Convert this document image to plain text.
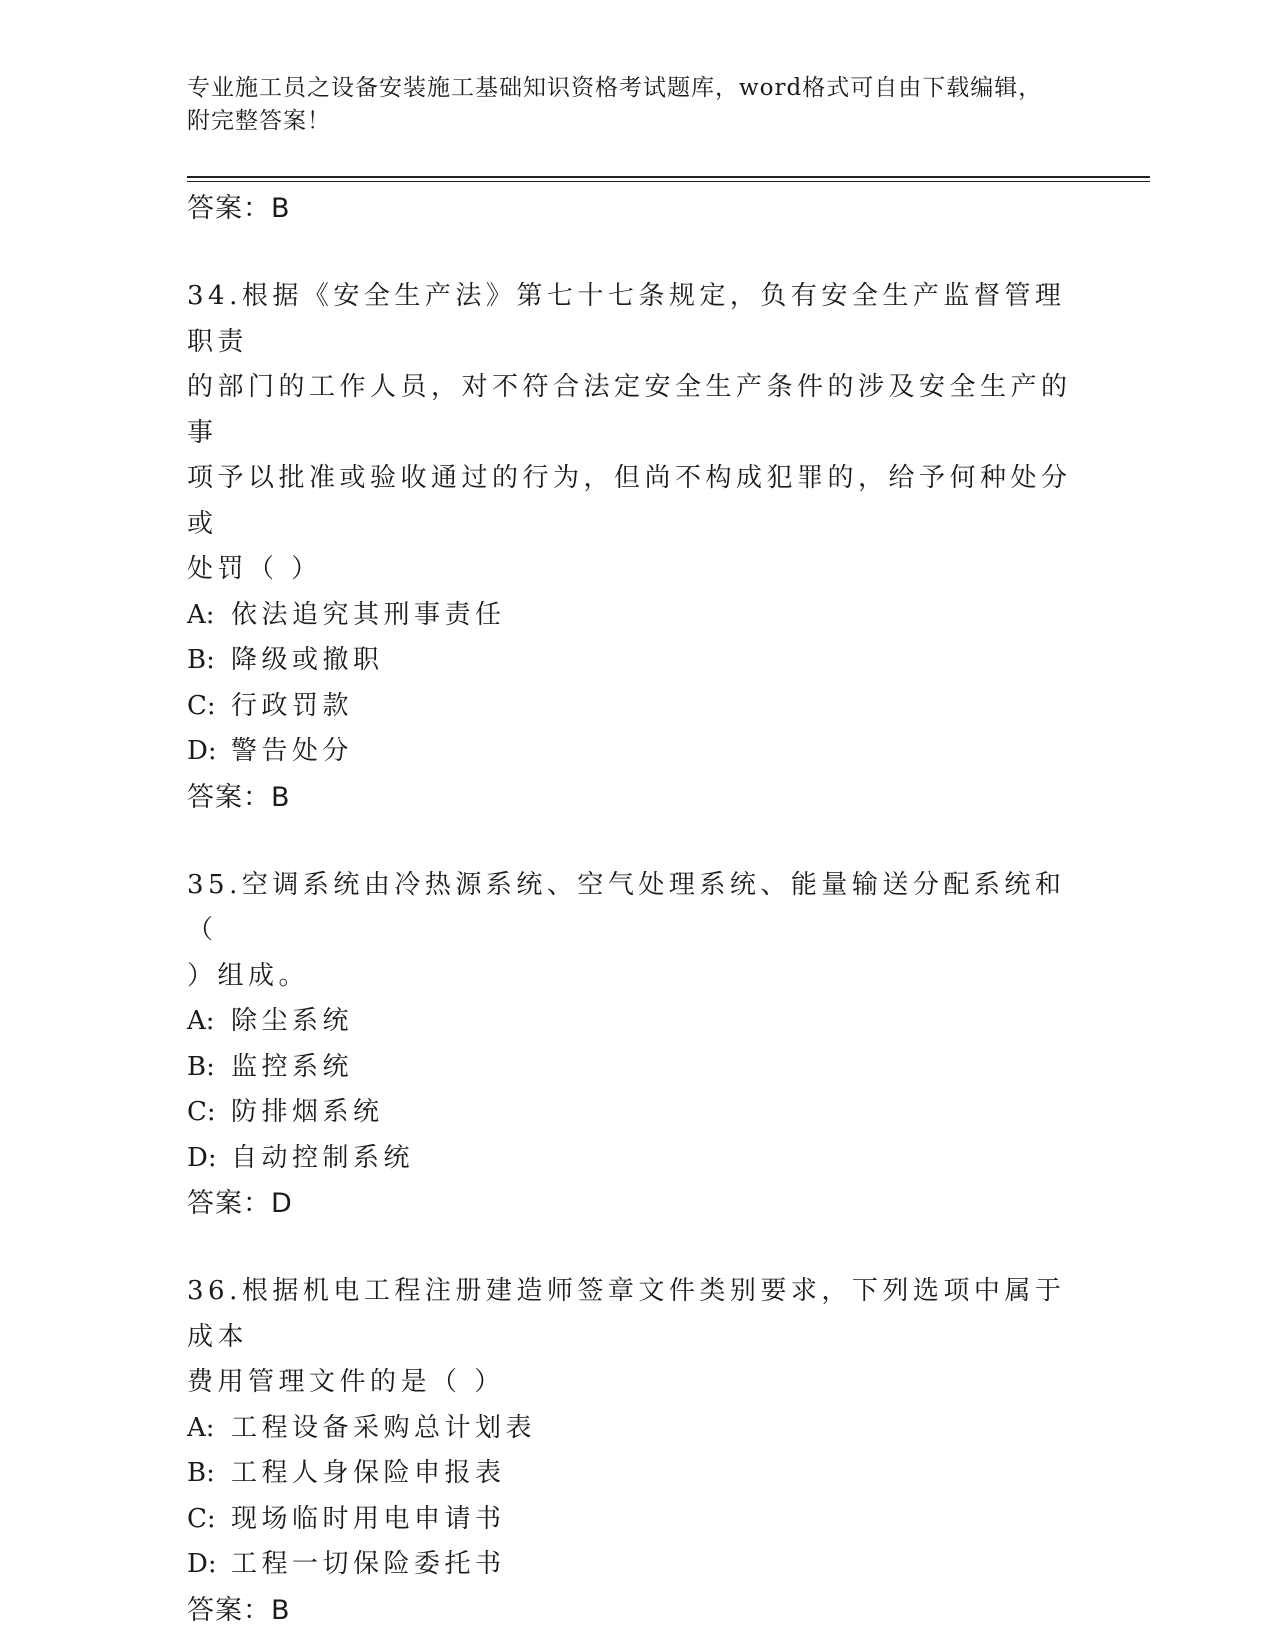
专业施工员之设备安装施工基础知识资格考试题库，word格式可自由下载编辑，
附完整答案！
答案：B
34.根据《安全生产法》第七十七条规定，负有安全生产监督管理职责
的部门的工作人员，对不符合法定安全生产条件的涉及安全生产的事
项予以批准或验收通过的行为，但尚不构成犯罪的，给予何种处分或
处罚（ ）
A: 依法追究其刑事责任
B: 降级或撤职
C: 行政罚款
D: 警告处分
答案：B
35.空调系统由冷热源系统、空气处理系统、能量输送分配系统和（
）组成。
A: 除尘系统
B: 监控系统
C: 防排烟系统
D: 自动控制系统
答案：D
36.根据机电工程注册建造师签章文件类别要求，下列选项中属于成本
费用管理文件的是（ ）
A: 工程设备采购总计划表
B: 工程人身保险申报表
C: 现场临时用电申请书
D: 工程一切保险委托书
答案：B
